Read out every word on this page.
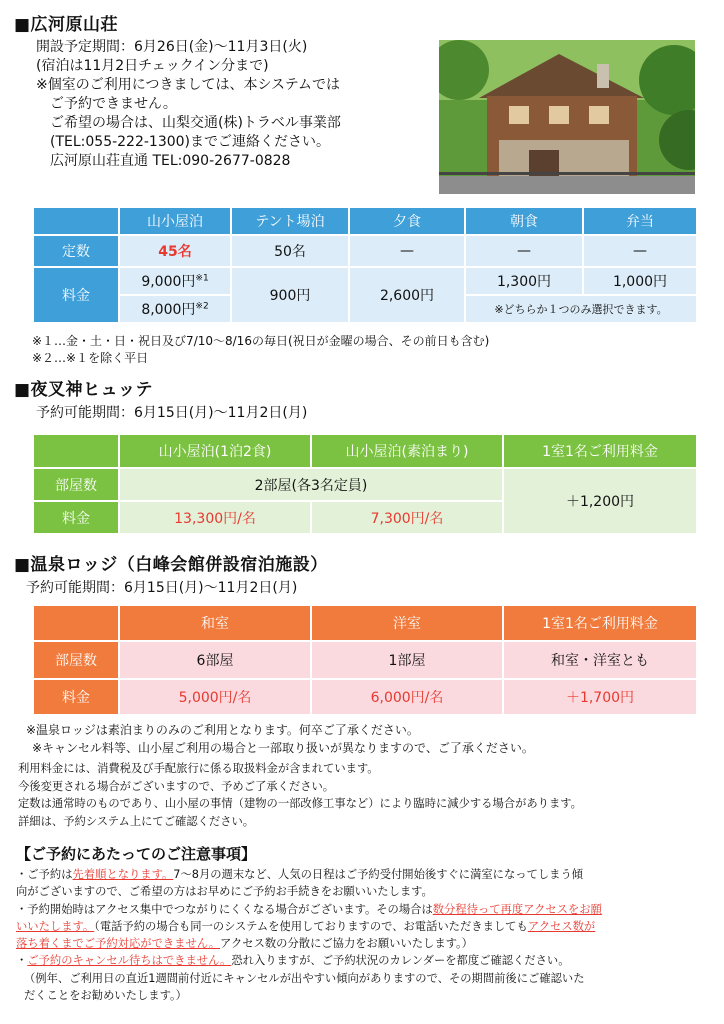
■広河原山荘
開設予定期間：6月26日(金)～11月3日(火)
(宿泊は11月2日チェックイン分まで)
※個室のご利用につきましては、本システムでは
ご予約できません。
ご希望の場合は、山梨交通(株)トラベル事業部
(TEL:055-222-1300)までご連絡ください。
広河原山荘直通 TEL:090-2677-0828
	山小屋泊	テント場泊	夕食	朝食	弁当
定数	45名	50名	—	—	—
料金	9,000円$^{※1}$	900円	2,600円	1,300円	1,000円
	8,000円$^{※2}$			※どちらか１つのみ選択できます。	
※１…金・土・日・祝日及び7/10～8/16の毎日(祝日が金曜の場合、その前日も含む)
※２…※１を除く平日
■夜叉神ヒュッテ
予約可能期間：6月15日(月)～11月2日(月)
	山小屋泊(1泊2食)	山小屋泊(素泊まり)	1室1名ご利用料金
部屋数	2部屋(各3名定員)		＋1,200円
料金	13,300円/名	7,300円/名	
■温泉ロッジ（白峰会館併設宿泊施設）
予約可能期間：6月15日(月)～11月2日(月)
	和室	洋室	1室1名ご利用料金
部屋数	6部屋	1部屋	和室・洋室とも
料金	5,000円/名	6,000円/名	＋1,700円
※温泉ロッジは素泊まりのみのご利用となります。何卒ご了承ください。
※キャンセル料等、山小屋ご利用の場合と一部取り扱いが異なりますので、ご了承ください。
利用料金には、消費税及び手配旅行に係る取扱料金が含まれています。
今後変更される場合がございますので、予めご了承ください。
定数は通常時のものであり、山小屋の事情（建物の一部改修工事など）により臨時に減少する場合があります。
詳細は、予約システム上にてご確認ください。
【ご予約にあたってのご注意事項】
・ご予約は先着順となります。7～8月の週末など、人気の日程はご予約受付開始後すぐに満室になってしまう傾
向がございますので、ご希望の方はお早めにご予約お手続きをお願いいたします。
・予約開始時はアクセス集中でつながりにくくなる場合がございます。その場合は数分程待って再度アクセスをお願
いいたします。（電話予約の場合も同一のシステムを使用しておりますので、お電話いただきましてもアクセス数が
落ち着くまでご予約対応ができません。アクセス数の分散にご協力をお願いいたします。）
・ご予約のキャンセル待ちはできません。恐れ入りますが、ご予約状況のカレンダーを都度ご確認ください。
（例年、ご利用日の直近1週間前付近にキャンセルが出やすい傾向がありますので、その期間前後にご確認いた
だくことをお勧めいたします。）
